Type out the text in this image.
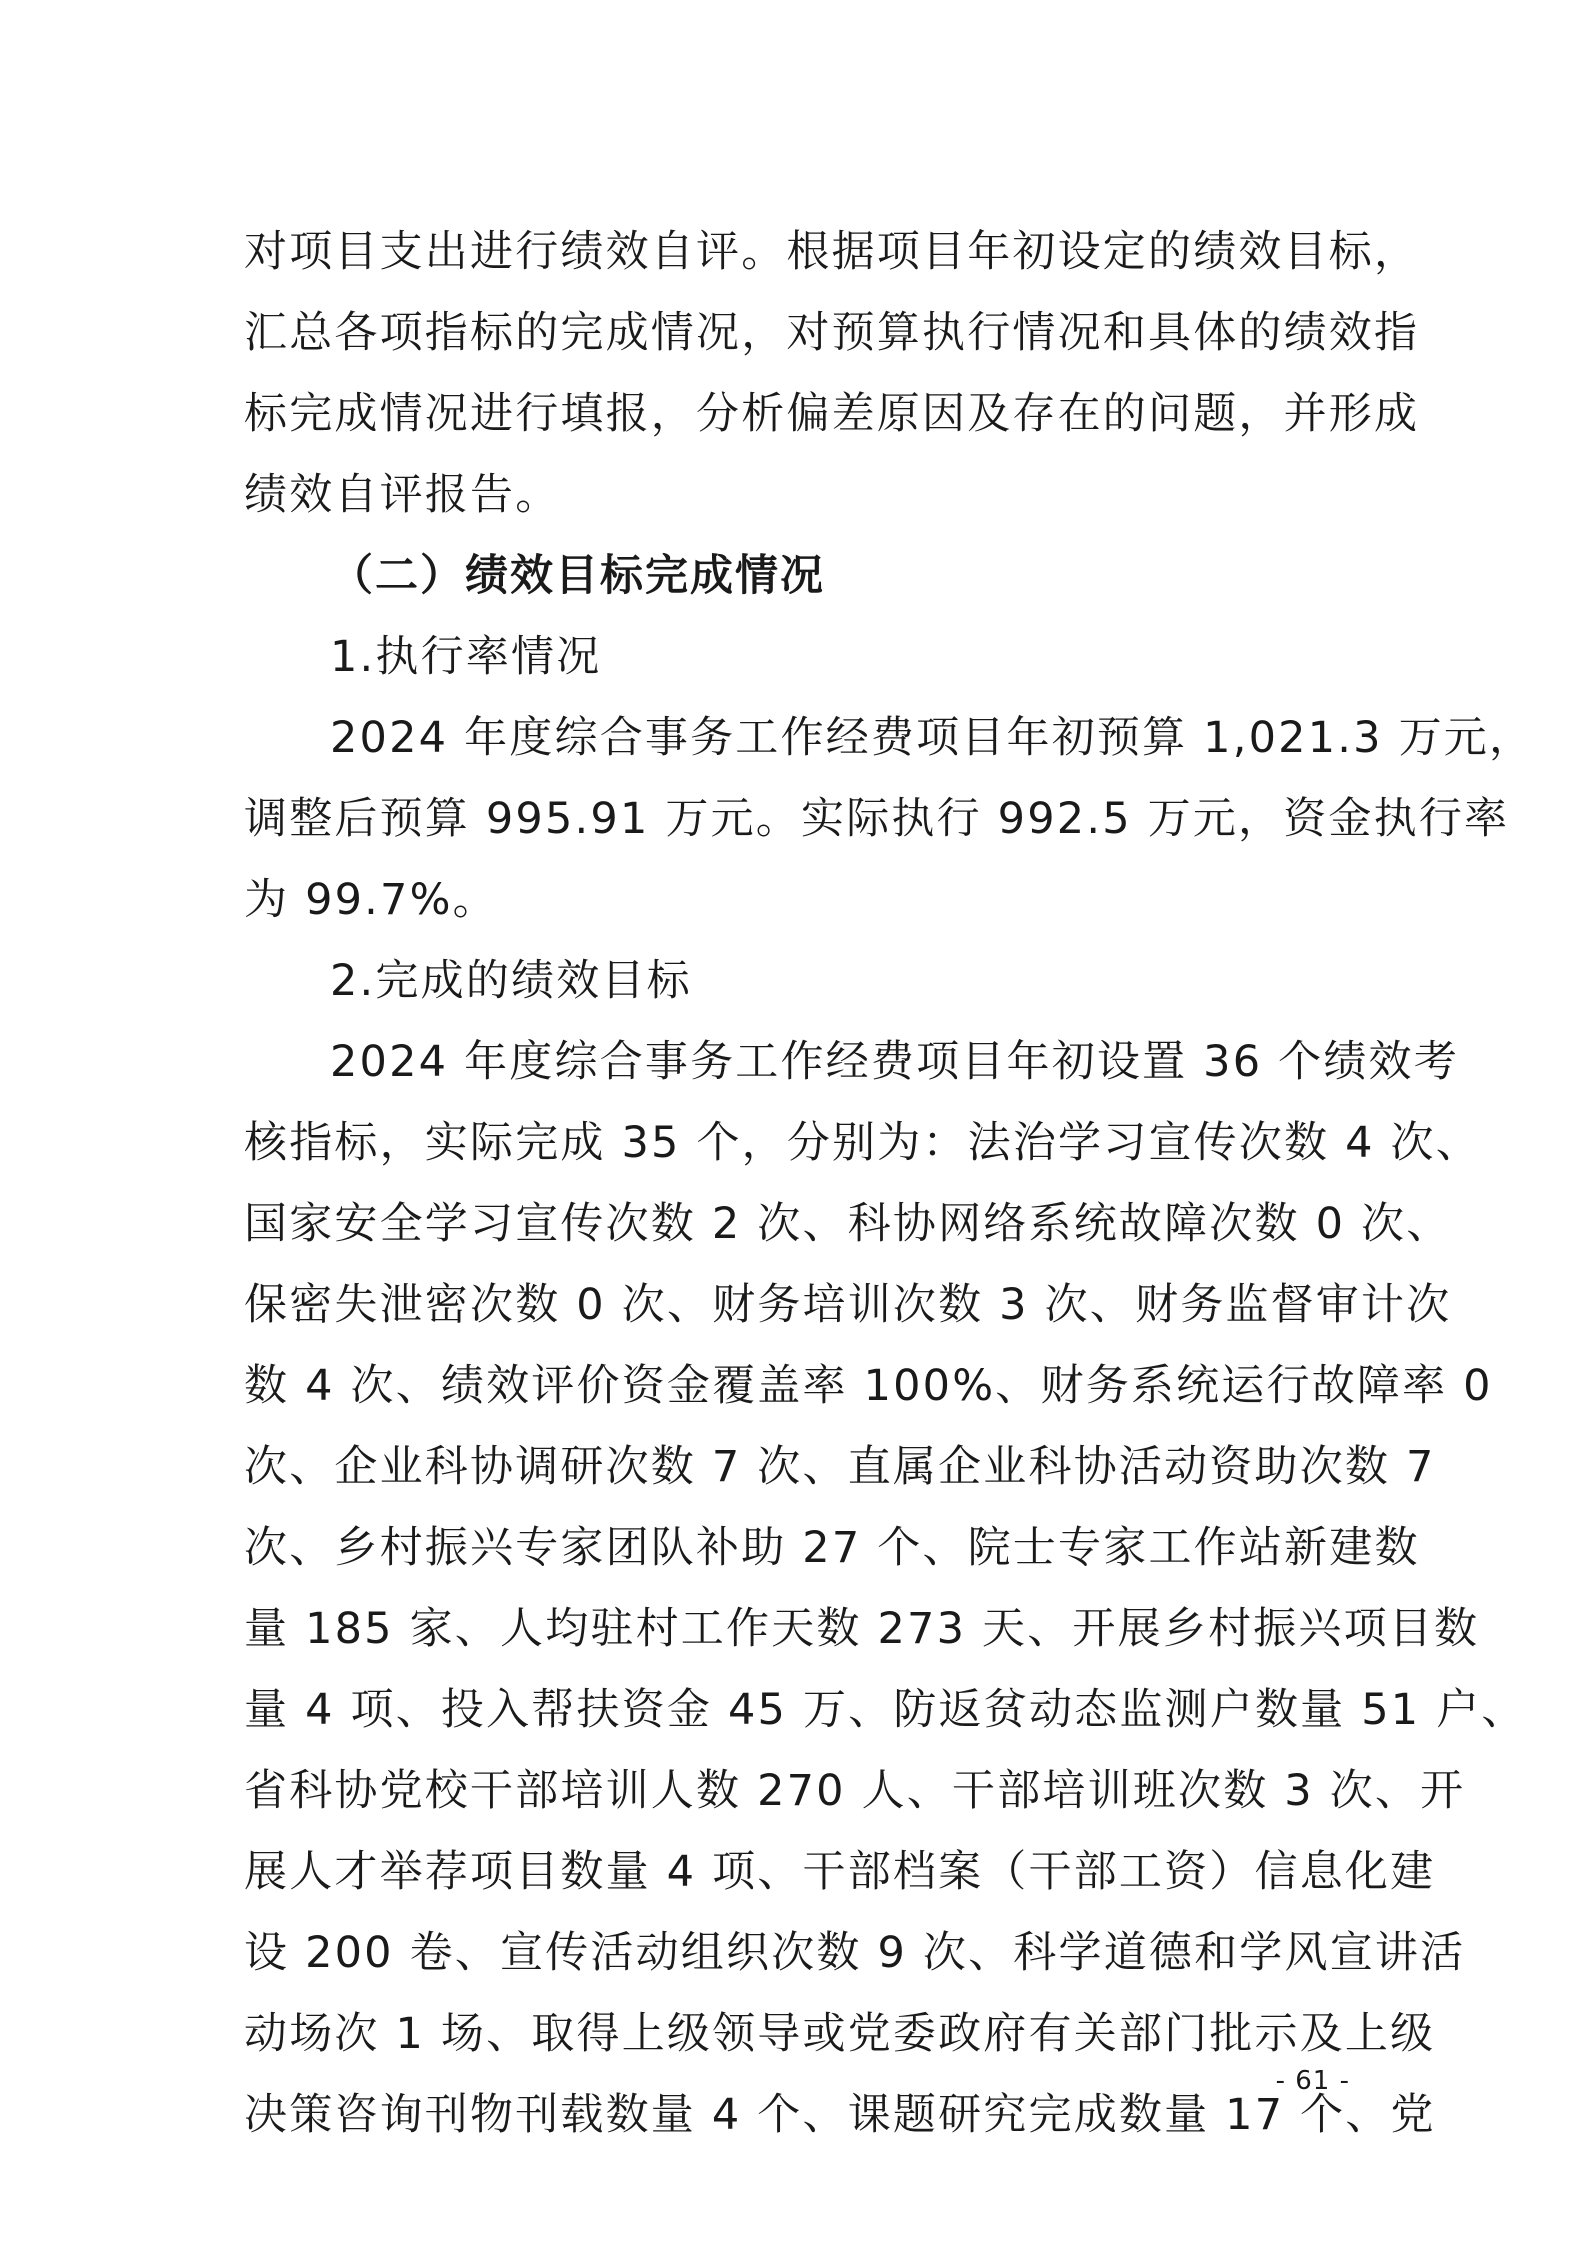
对项目支出进行绩效自评。根据项目年初设定的绩效目标，
汇总各项指标的完成情况，对预算执行情况和具体的绩效指
标完成情况进行填报，分析偏差原因及存在的问题，并形成
绩效自评报告。
（二）绩效目标完成情况
1.执行率情况
2024 年度综合事务工作经费项目年初预算 1,021.3 万元，
调整后预算 995.91 万元。实际执行 992.5 万元，资金执行率
为 99.7%。
2.完成的绩效目标
2024 年度综合事务工作经费项目年初设置 36 个绩效考
核指标，实际完成 35 个，分别为：法治学习宣传次数 4 次、
国家安全学习宣传次数 2 次、科协网络系统故障次数 0 次、
保密失泄密次数 0 次、财务培训次数 3 次、财务监督审计次
数 4 次、绩效评价资金覆盖率 100%、财务系统运行故障率 0
次、企业科协调研次数 7 次、直属企业科协活动资助次数 7
次、乡村振兴专家团队补助 27 个、院士专家工作站新建数
量 185 家、人均驻村工作天数 273 天、开展乡村振兴项目数
量 4 项、投入帮扶资金 45 万、防返贫动态监测户数量 51 户、
省科协党校干部培训人数 270 人、干部培训班次数 3 次、开
展人才举荐项目数量 4 项、干部档案（干部工资）信息化建
设 200 卷、宣传活动组织次数 9 次、科学道德和学风宣讲活
动场次 1 场、取得上级领导或党委政府有关部门批示及上级
决策咨询刊物刊载数量 4 个、课题研究完成数量 17 个、党
- 61 -
